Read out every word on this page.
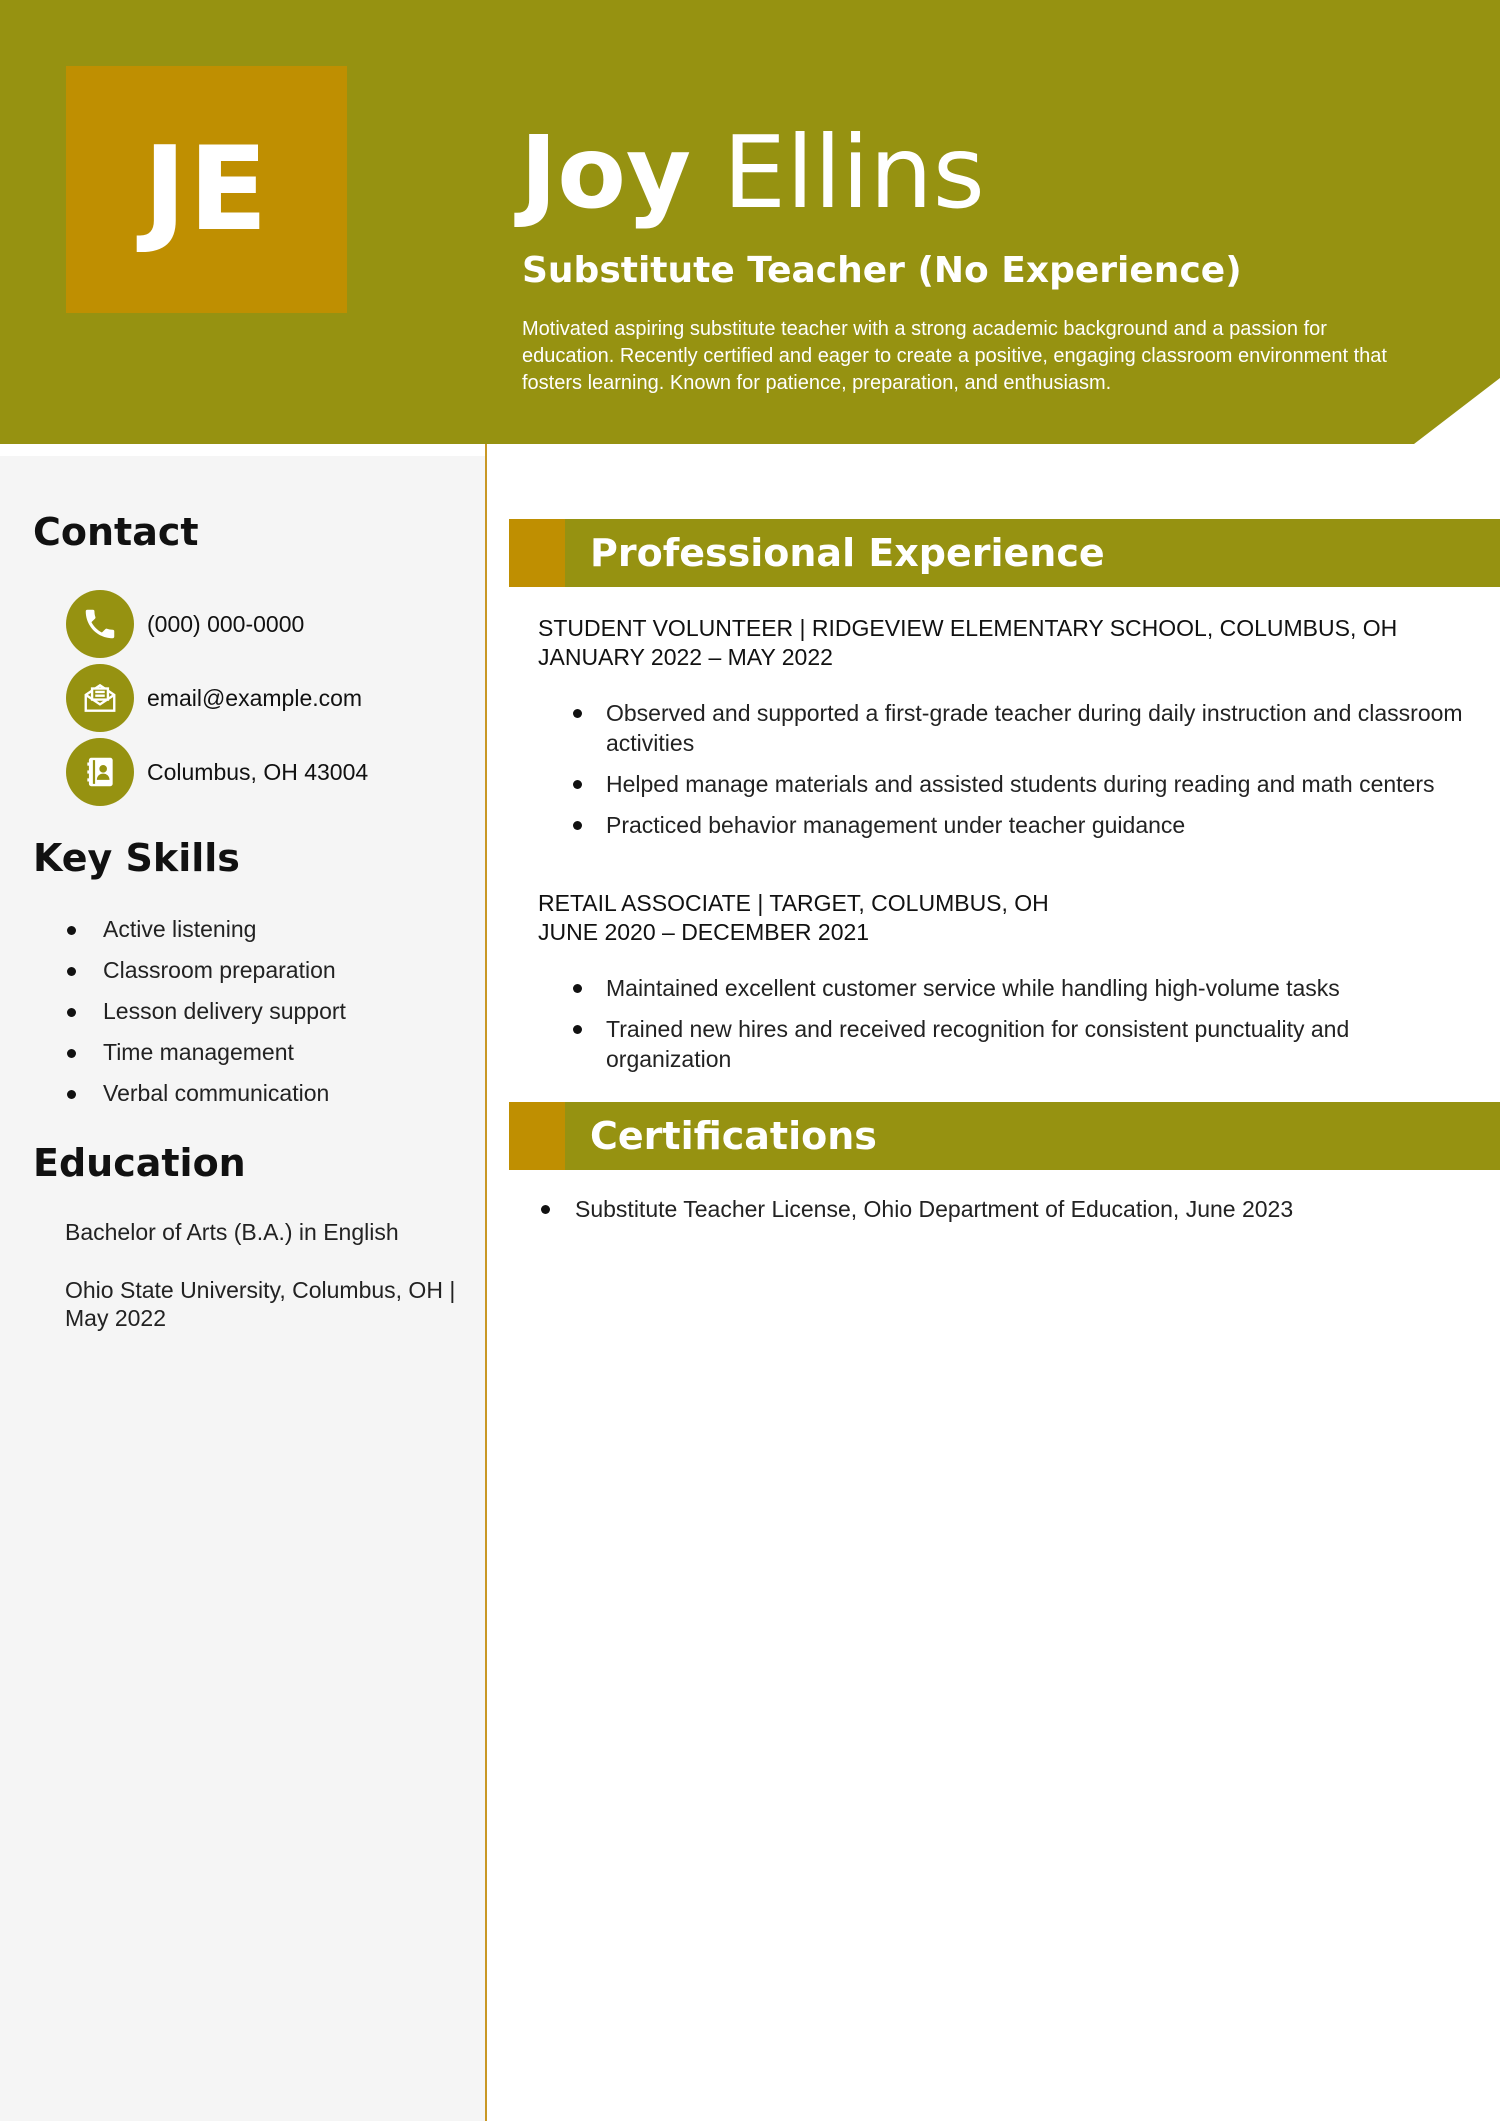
JE	Joy Ellins
Substitute Teacher (No Experience)
Motivated aspiring substitute teacher with a strong academic background and a passion for education. Recently certified and eager to create a positive, engaging classroom environment that fosters learning. Known for patience, preparation, and enthusiasm.
Contact
(000) 000-0000
email@example.com
Columbus, OH 43004
Key Skills
Active listening
Classroom preparation
Lesson delivery support
Time management
Verbal communication
Education
Bachelor of Arts (B.A.) in English
Ohio State University, Columbus, OH | May 2022
Professional Experience
STUDENT VOLUNTEER | RIDGEVIEW ELEMENTARY SCHOOL, COLUMBUS, OH
JANUARY 2022 – MAY 2022
Observed and supported a first-grade teacher during daily instruction and classroom activities
Helped manage materials and assisted students during reading and math centers
Practiced behavior management under teacher guidance
RETAIL ASSOCIATE | TARGET, COLUMBUS, OH
JUNE 2020 – DECEMBER 2021
Maintained excellent customer service while handling high-volume tasks
Trained new hires and received recognition for consistent punctuality and organization
Certifications
Substitute Teacher License, Ohio Department of Education, June 2023
